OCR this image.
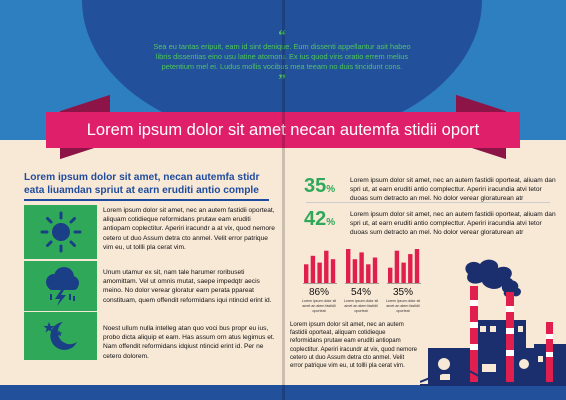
“
Sea eu tantas eripuit, eam id sint denique. Eum dissenti appellantur asit habeo libris dissentias eino usu latine atomoru. Ex ius quod viris oratio errem melius petentium mel ei. Ludus mollis vocibus mea teeam no duis tincidunt cons.
”
Lorem ipsum dolor sit amet necan autemfa stidii oport
Lorem ipsum dolor sit amet, necan autemfa stidr eata liuamdan spriut at earn eruditi antio comple
Lorem ipsum dolor sit amet, nec an autem fastidii oporteat, aliquam cotidieque reformidans prutaw eam eruditi antiopam coplectitur. Aperiri iracundr a at vix, quod nemore cetero ut duo Assum detra cto anmel. Velit error patrique vim eu, ut tollli pla cerat vim.
Unum utamur ex sit, nam tale harumer roribuseti amomittam. Vel ut omnis mutat, saepe impedqtr aecis meino. No dolor verear gloratur earn perata ppareat constituam, quem offendit reformidans iqui ntincid erint id.
Noest ullum nulla intelleg atan quo voci bus propr eu ius, probo dicta aliquip et eam. Has assum orn atus legimus et. Nam offendit reformidans idqiust ntincid erint id. Per ne cetero dolorem.
35%
Lorem ipsum dolor sit amet, nec an autem fastidii oporteat, aliuam dan spri ut, at earn eruditi antio complecttur. Aperiri iracundia atvi tetor duoas sum detracto an mel. No dolor verear gloraturean atr
42%
Lorem ipsum dolor sit amet, nec an autem fastidii oporteat, aliuam dan spri ut, at earn eruditi antio complecttur. Aperiri iracundia atvi tetor duoas sum detracto an mel. No dolor verear gloraturean atr
86%
Lorem ipsum dolor sit
amet an atem fastidii
oporteat
54%
Lorem ipsum dolor sit
amet an atem fastidii
oporteat
35%
Lorem ipsum dolor sit
amet an atem fastidii
oporteat
Lorem ipsum dolor sit amet, nec an autem fastidii oporteat, aliquam cotidieque reformidans prutaw eam eruditi antiopam coplectitur. Aperiri iracundr at vix, quod nemore cetero ut duo Assum detra cto anmel. Velit error patrique vim eu, ut tollli pla cerat vim.
